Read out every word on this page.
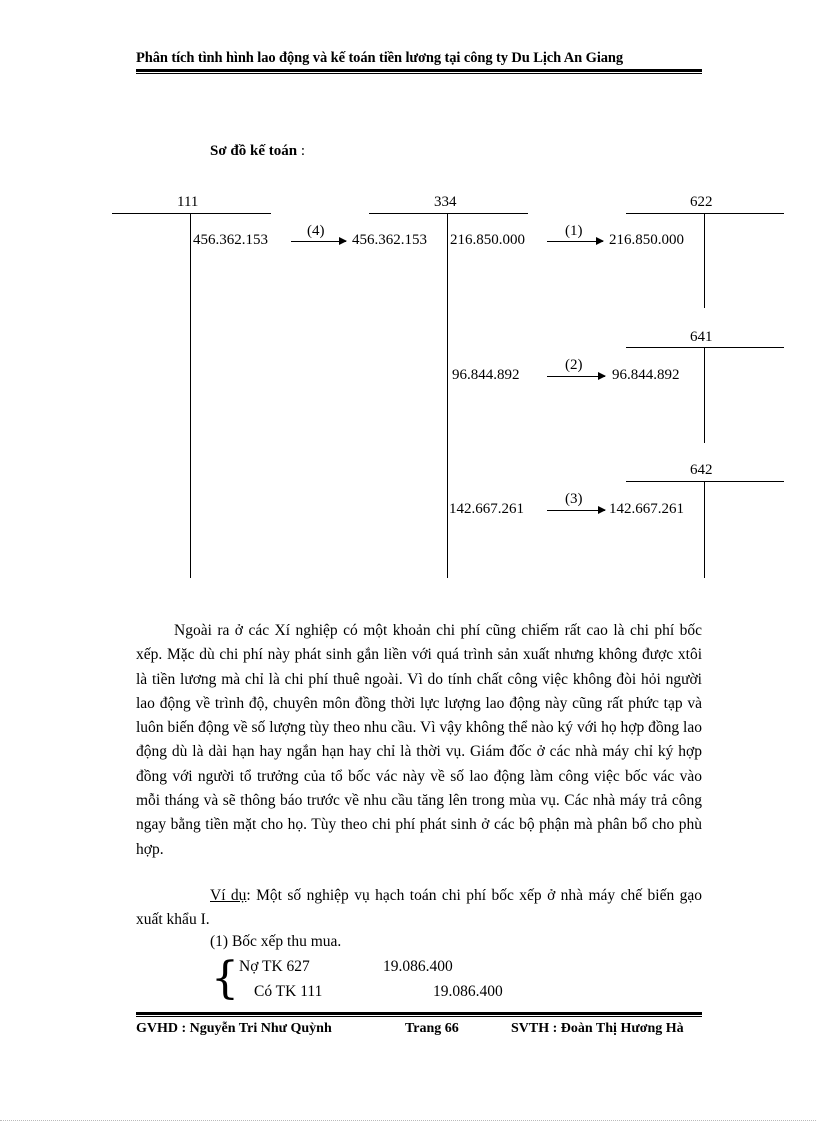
Phân tích tình hình lao động và kế toán tiền lương tại công ty Du Lịch An Giang
Sơ đồ kế toán :
111	334	622
641
642
456.362.153
(4)
456.362.153 216.850.000
(1)
216.850.000
96.844.892
(2)
96.844.892
142.667.261
(3)
142.667.261

Ngoài ra ở các Xí nghiệp có một khoản chi phí cũng chiếm rất cao là chi phí bốc xếp. Mặc dù chi phí này phát sinh gắn liền với quá trình sản xuất nhưng không được xtôi là tiền lương mà chỉ là chi phí thuê ngoài. Vì do tính chất công việc không đòi hỏi người lao động về trình độ, chuyên môn đồng thời lực lượng lao động này cũng rất phức tạp và luôn biến động về số lượng tùy theo nhu cầu. Vì vậy không thể nào ký với họ hợp đồng lao động dù là dài hạn hay ngắn hạn hay chỉ là thời vụ. Giám đốc ở các nhà máy chỉ ký hợp đồng với người tổ trưởng của tổ bốc vác này về số lao động làm công việc bốc vác vào mỗi tháng và sẽ thông báo trước về nhu cầu tăng lên trong mùa vụ. Các nhà máy trả công ngay bằng tiền mặt cho họ. Tùy theo chi phí phát sinh ở các bộ phận mà phân bổ cho phù hợp.

Ví dụ: Một số nghiệp vụ hạch toán chi phí bốc xếp ở nhà máy chế biến gạo xuất khẩu I.

(1) Bốc xếp thu mua.
{ Nợ TK 627	19.086.400
Có TK 111	19.086.400
GVHD : Nguyễn Tri Như Quỳnh	Trang 66	SVTH : Đoàn Thị Hương Hà
